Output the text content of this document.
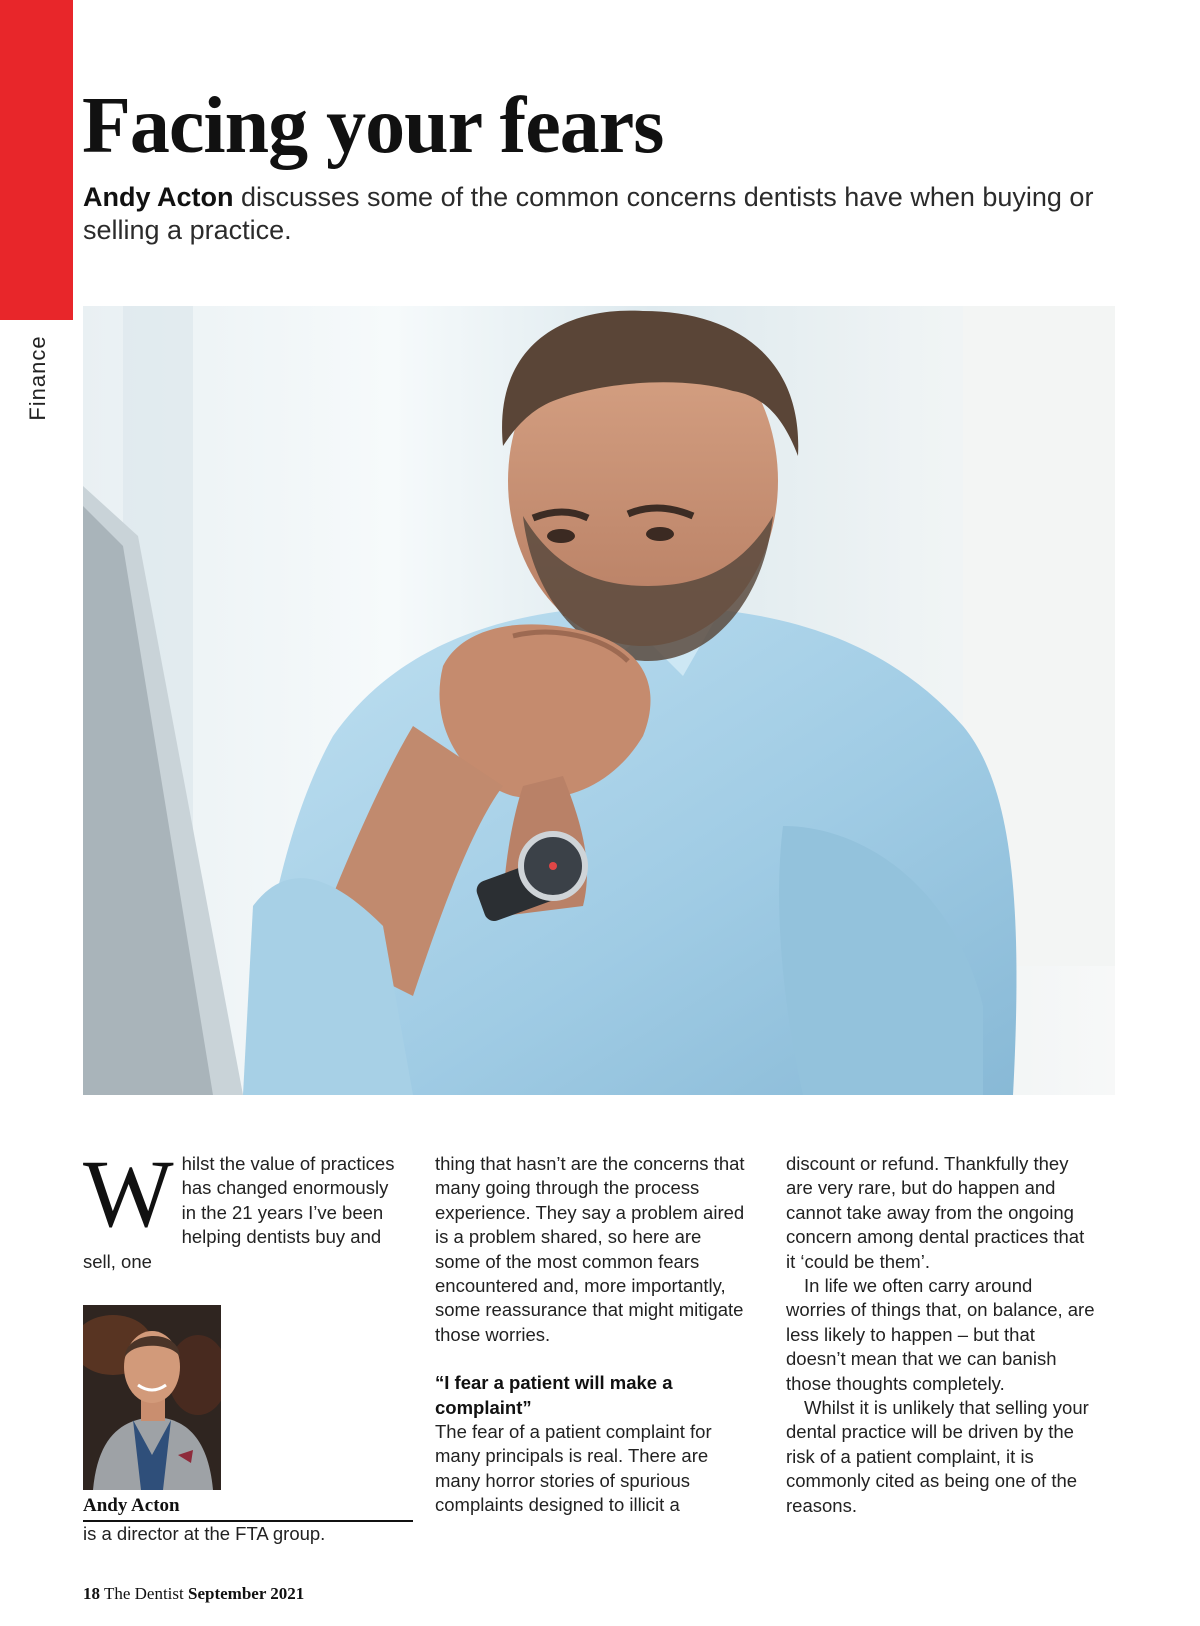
Finance
Facing your fears

Andy Acton discusses some of the common concerns dentists have when buying or selling a practice.

Whilst the value of practices has changed enormously in the 21 years I’ve been helping dentists buy and sell, one

thing that hasn’t are the concerns that many going through the process experience. They say a problem aired is a problem shared, so here are some of the most common fears encountered and, more importantly, some reassurance that might mitigate those worries.

“I fear a patient will make a complaint”

The fear of a patient complaint for many principals is real. There are many horror stories of spurious complaints designed to illicit a

discount or refund. Thankfully they are very rare, but do happen and cannot take away from the ongoing concern among dental practices that it ‘could be them’.

In life we often carry around worries of things that, on balance, are less likely to happen – but that doesn’t mean that we can banish those thoughts completely.

Whilst it is unlikely that selling your dental practice will be driven by the risk of a patient complaint, it is commonly cited as being one of the reasons.

Andy Acton
is a director at the FTA group.
18 The Dentist September 2021
